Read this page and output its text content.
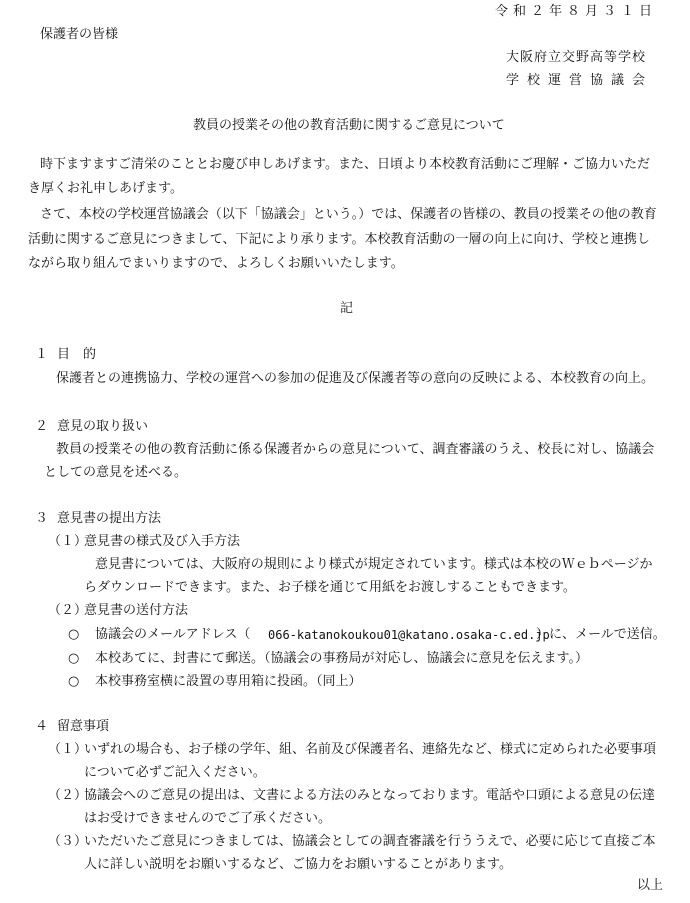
令和２年８月３１日
保護者の皆様
大阪府立交野高等学校
学校運営協議会
教員の授業その他の教育活動に関するご意見について
時下ますますご清栄のこととお慶び申しあげます。また、日頃より本校教育活動にご理解・ご協力いただ
き厚くお礼申しあげます。
さて、本校の学校運営協議会（以下「協議会」という。）では、保護者の皆様の、教員の授業その他の教育
活動に関するご意見につきまして、下記により承ります。本校教育活動の一層の向上に向け、学校と連携し
ながら取り組んでまいりますので、よろしくお願いいたします。
記
１ 目　的
保護者との連携協力、学校の運営への参加の促進及び保護者等の意向の反映による、本校教育の向上。
２ 意見の取り扱い
教員の授業その他の教育活動に係る保護者からの意見について、調査審議のうえ、校長に対し、協議会
としての意見を述べる。
３ 意見書の提出方法
（１）
意見書の様式及び入手方法
意見書については、大阪府の規則により様式が規定されています。様式は本校のＷｅｂページか
らダウンロードできます。また、お子様を通じて用紙をお渡しすることもできます。
（２）
意見書の送付方法
○ 協議会のメールアドレス（ 066-katanokoukou01@katano.osaka-c.ed.jp
）に、メールで送信。
○ 本校あてに、封書にて郵送。（協議会の事務局が対応し、協議会に意見を伝えます。）
○ 本校事務室横に設置の専用箱に投函。（同上）
４ 留意事項
（１）
いずれの場合も、お子様の学年、組、名前及び保護者名、連絡先など、様式に定められた必要事項
について必ずご記入ください。
（２）
協議会へのご意見の提出は、文書による方法のみとなっております。電話や口頭による意見の伝達
はお受けできませんのでご了承ください。
（３）
いただいたご意見につきましては、協議会としての調査審議を行ううえで、必要に応じて直接ご本
人に詳しい説明をお願いするなど、ご協力をお願いすることがあります。
以上
